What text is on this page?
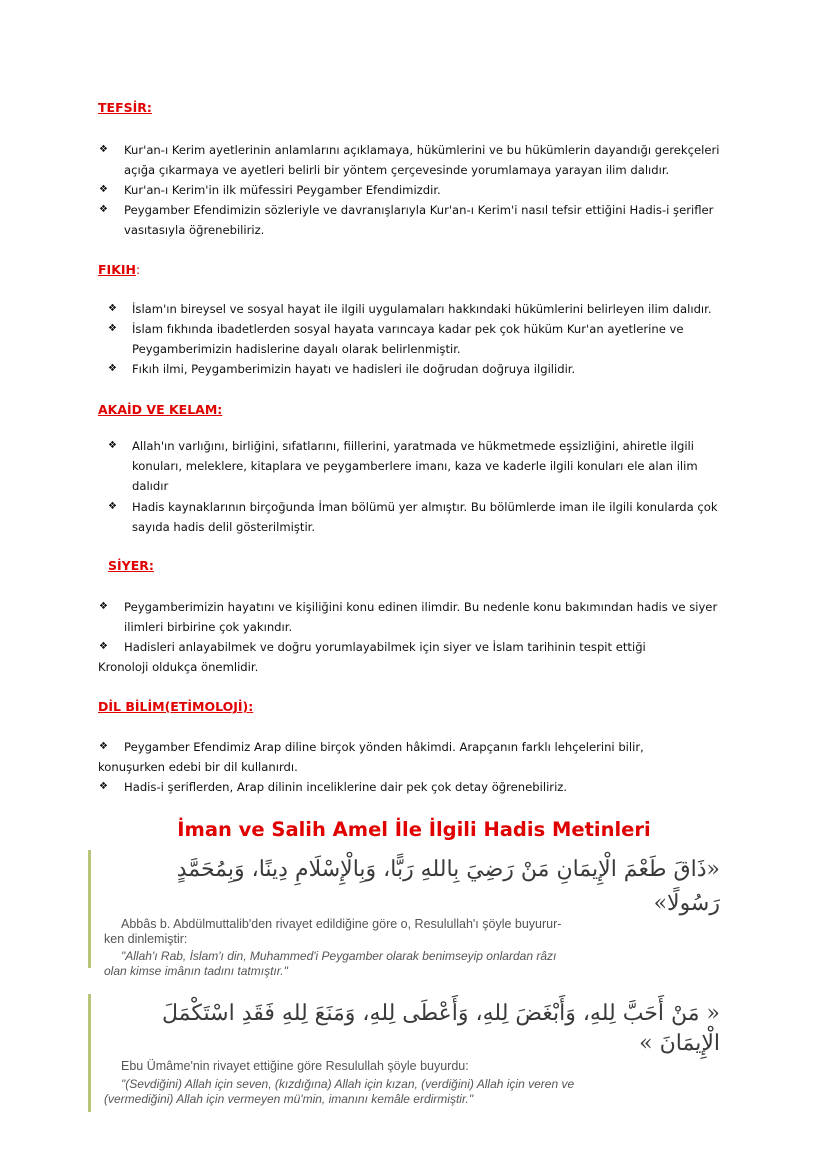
TEFSİR:
❖ Kur'an-ı Kerim ayetlerinin anlamlarını açıklamaya, hükümlerini ve bu hükümlerin dayandığı gerekçeleri
açığa çıkarmaya ve ayetleri belirli bir yöntem çerçevesinde yorumlamaya yarayan ilim dalıdır.
❖ Kur'an-ı Kerim'in ilk müfessiri Peygamber Efendimizdir.
❖ Peygamber Efendimizin sözleriyle ve davranışlarıyla Kur'an-ı Kerim'i nasıl tefsir ettiğini Hadis-i şerifler
vasıtasıyla öğrenebiliriz.
FIKIH:
❖ İslam'ın bireysel ve sosyal hayat ile ilgili uygulamaları hakkındaki hükümlerini belirleyen ilim dalıdır.
❖ İslam fıkhında ibadetlerden sosyal hayata varıncaya kadar pek çok hüküm Kur'an ayetlerine ve
Peygamberimizin hadislerine dayalı olarak belirlenmiştir.
❖ Fıkıh ilmi, Peygamberimizin hayatı ve hadisleri ile doğrudan doğruya ilgilidir.
AKAİD VE KELAM:
❖ Allah'ın varlığını, birliğini, sıfatlarını, fiillerini, yaratmada ve hükmetmede eşsizliğini, ahiretle ilgili
konuları, meleklere, kitaplara ve peygamberlere imanı, kaza ve kaderle ilgili konuları ele alan ilim
dalıdır
❖ Hadis kaynaklarının birçoğunda İman bölümü yer almıştır. Bu bölümlerde iman ile ilgili konularda çok
sayıda hadis delil gösterilmiştir.
SİYER:
❖ Peygamberimizin hayatını ve kişiliğini konu edinen ilimdir. Bu nedenle konu bakımından hadis ve siyer
ilimleri birbirine çok yakındır.
❖ Hadisleri anlayabilmek ve doğru yorumlayabilmek için siyer ve İslam tarihinin tespit ettiği
Kronoloji oldukça önemlidir.
DİL BİLİM(ETİMOLOJİ):
❖ Peygamber Efendimiz Arap diline birçok yönden hâkimdi. Arapçanın farklı lehçelerini bilir,
konuşurken edebi bir dil kullanırdı.
❖ Hadis-i şeriflerden, Arap dilinin inceliklerine dair pek çok detay öğrenebiliriz.
İman ve Salih Amel İle İlgili Hadis Metinleri
«ذَاقَ طَعْمَ الْإِيمَانِ مَنْ رَضِيَ بِاللهِ رَبًّا، وَبِالْإِسْلَامِ دِينًا، وَبِمُحَمَّدٍ
رَسُولًا»
Abbâs b. Abdülmuttalib'den rivayet edildiğine göre o, Resulullah'ı şöyle buyurur-
ken dinlemiştir:
"Allah'ı Rab, İslam'ı din, Muhammed'i Peygamber olarak benimseyip onlardan râzı
olan kimse imânın tadını tatmıştır."
« مَنْ أَحَبَّ لِلهِ، وَأَبْغَضَ لِلهِ، وَأَعْطَى لِلهِ، وَمَنَعَ لِلهِ فَقَدِ اسْتَكْمَلَ
الْإِيمَانَ »
Ebu Ümâme'nin rivayet ettiğine göre Resulullah şöyle buyurdu:
"(Sevdiğini) Allah için seven, (kızdığına) Allah için kızan, (verdiğini) Allah için veren ve
(vermediğini) Allah için vermeyen mü'min, imanını kemâle erdirmiştir."
